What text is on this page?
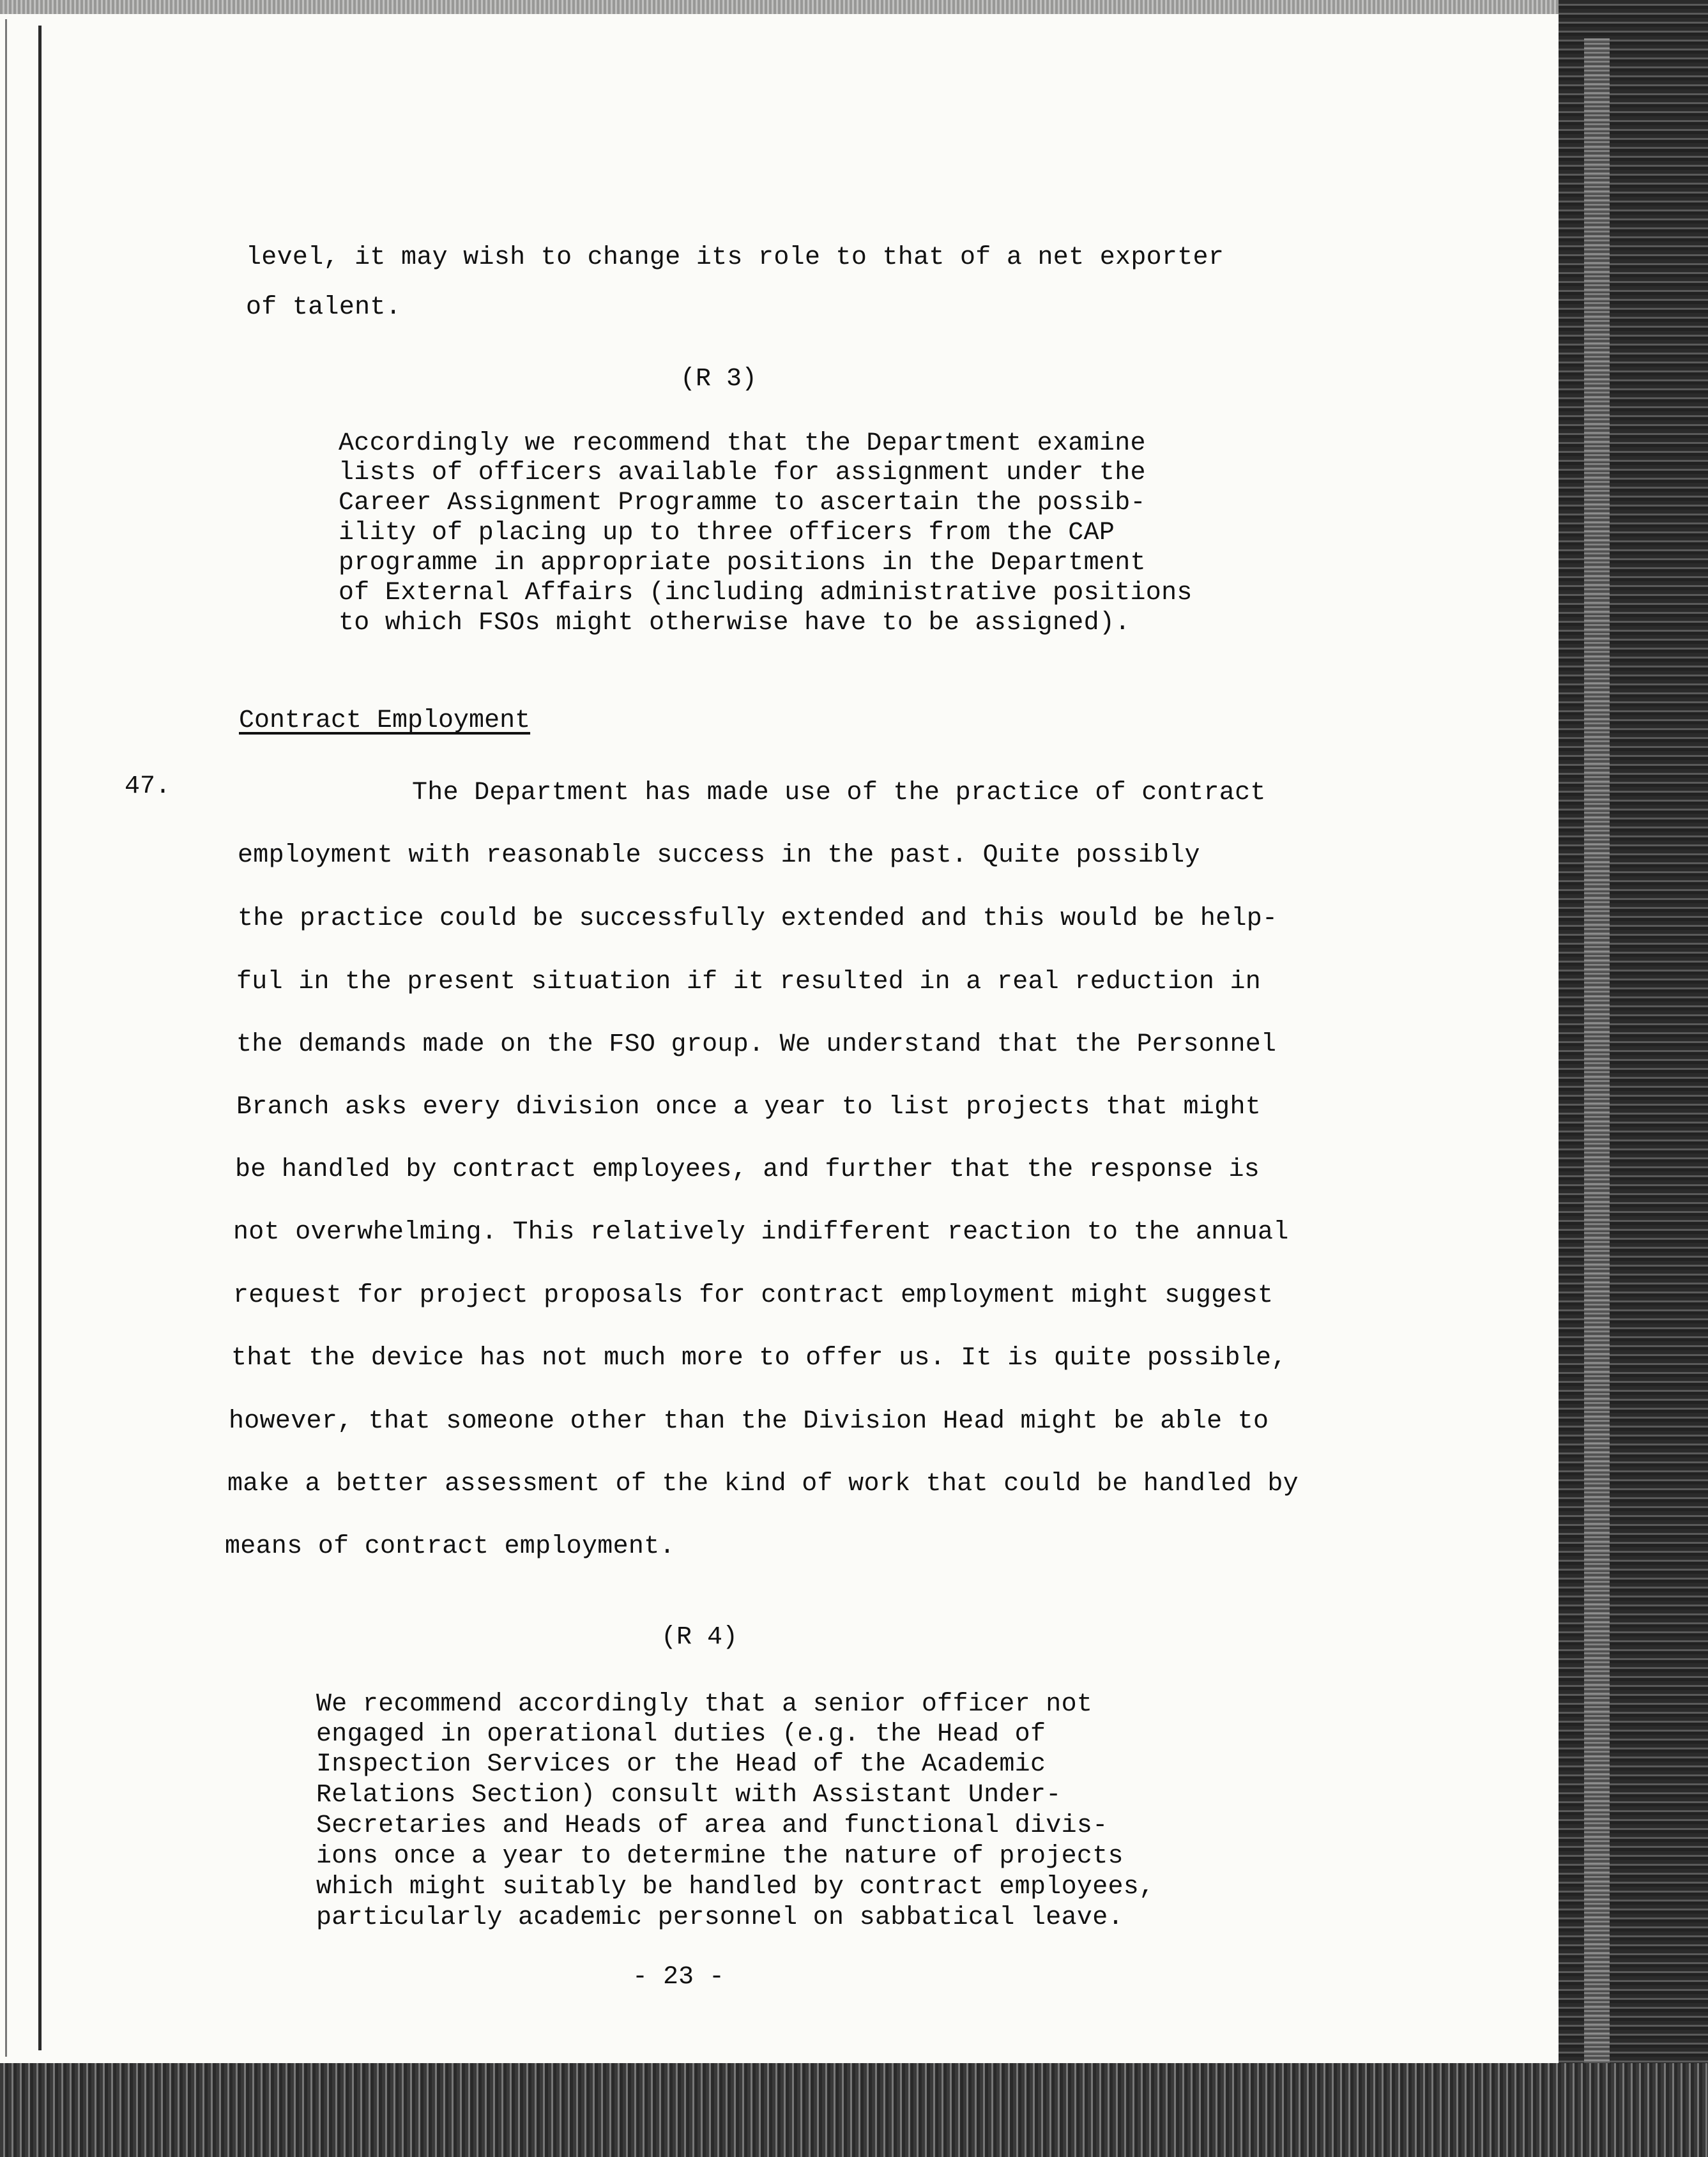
level, it may wish to change its role to that of a net exporter
of talent.
(R 3)
Accordingly we recommend that the Department examine
lists of officers available for assignment under the
Career Assignment Programme to ascertain the possib-
ility of placing up to three officers from the CAP
programme in appropriate positions in the Department
of External Affairs (including administrative positions
to which FSOs might otherwise have to be assigned).
Contract Employment
47.	The Department has made use of the practice of contract
employment with reasonable success in the past. Quite possibly
the practice could be successfully extended and this would be help-
ful in the present situation if it resulted in a real reduction in
the demands made on the FSO group. We understand that the Personnel
Branch asks every division once a year to list projects that might
be handled by contract employees, and further that the response is
not overwhelming. This relatively indifferent reaction to the annual
request for project proposals for contract employment might suggest
that the device has not much more to offer us. It is quite possible,
however, that someone other than the Division Head might be able to
make a better assessment of the kind of work that could be handled by
means of contract employment.
(R 4)
We recommend accordingly that a senior officer not
engaged in operational duties (e.g. the Head of
Inspection Services or the Head of the Academic
Relations Section) consult with Assistant Under-
Secretaries and Heads of area and functional divis-
ions once a year to determine the nature of projects
which might suitably be handled by contract employees,
particularly academic personnel on sabbatical leave.
- 23 -
